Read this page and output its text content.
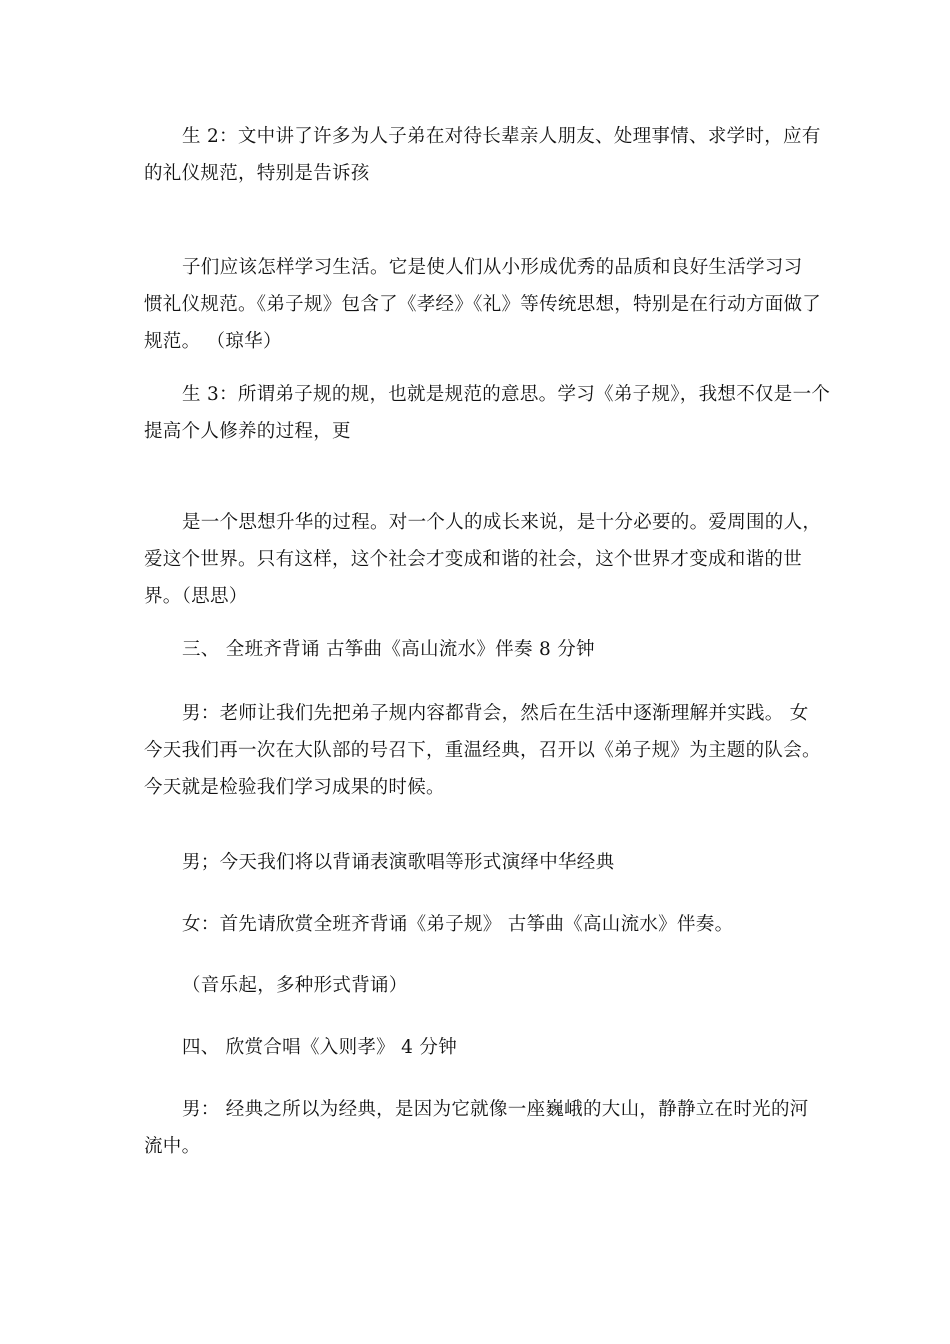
生 2：文中讲了许多为人子弟在对待长辈亲人朋友、处理事情、求学时，应有
的礼仪规范，特别是告诉孩

子们应该怎样学习生活。它是使人们从小形成优秀的品质和良好生活学习习
惯礼仪规范。《弟子规》包含了《孝经》《礼》等传统思想，特别是在行动方面做了
规范。 （琼华）

生 3：所谓弟子规的规，也就是规范的意思。学习《弟子规》，我想不仅是一个
提高个人修养的过程，更

是一个思想升华的过程。对一个人的成长来说，是十分必要的。爱周围的人，
爱这个世界。只有这样，这个社会才变成和谐的社会，这个世界才变成和谐的世
界。（思思）

三、 全班齐背诵 古筝曲《高山流水》伴奏 8 分钟

男：老师让我们先把弟子规内容都背会，然后在生活中逐渐理解并实践。 女
今天我们再一次在大队部的号召下，重温经典，召开以《弟子规》为主题的队会。
今天就是检验我们学习成果的时候。

男；今天我们将以背诵表演歌唱等形式演绎中华经典

女：首先请欣赏全班齐背诵《弟子规》 古筝曲《高山流水》伴奏。

（音乐起，多种形式背诵）

四、 欣赏合唱《入则孝》 4 分钟

男： 经典之所以为经典，是因为它就像一座巍峨的大山，静静立在时光的河
流中。
